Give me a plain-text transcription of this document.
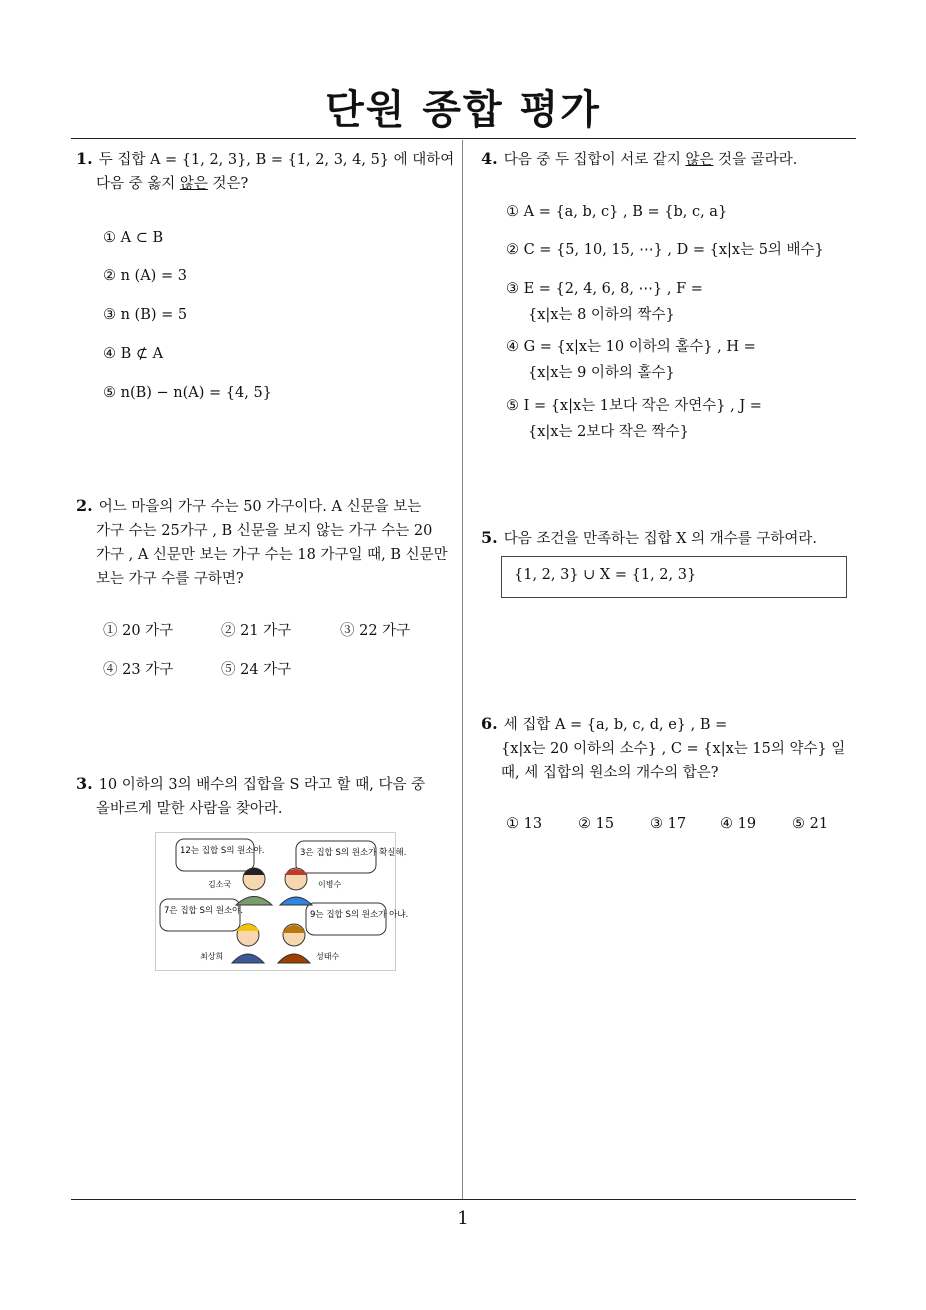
단원 종합 평가
1
1. 두 집합 A = {1, 2, 3}, B = {1, 2, 3, 4, 5} 에 대하여
다음 중 옳지 않은 것은?
① A ⊂ B
② n (A) = 3
③ n (B) = 5
④ B ⊄ A
⑤ n(B) − n(A) = {4, 5}
2. 어느 마을의 가구 수는 50 가구이다. A 신문을 보는
가구 수는 25가구 , B 신문을 보지 않는 가구 수는 20
가구 , A 신문만 보는 가구 수는 18 가구일 때, B 신문만
보는 가구 수를 구하면?
① 20 가구	② 21 가구	③ 22 가구
④ 23 가구	⑤ 24 가구
3. 10 이하의 3의 배수의 집합을 S 라고 할 때, 다음 중
올바르게 말한 사람을 찾아라.
12는 집합 S의 원소야.	3은 집합 S의 원소가 확실해.
7은 집합 S의 원소야.	9는 집합 S의 원소가 아냐.
김소국	이병수
최상희	성태수
4. 다음 중 두 집합이 서로 같지 않은 것을 골라라.
① A = {a, b, c} , B = {b, c, a}
② C = {5, 10, 15, ⋯} , D = {x|x는 5의 배수}
③ E = {2, 4, 6, 8, ⋯} , F =
{x|x는 8 이하의 짝수}
④ G = {x|x는 10 이하의 홀수} , H =
{x|x는 9 이하의 홀수}
⑤ I = {x|x는 1보다 작은 자연수} , J =
{x|x는 2보다 작은 짝수}
5. 다음 조건을 만족하는 집합 X 의 개수를 구하여라.
{1, 2, 3} ∪ X = {1, 2, 3}
6. 세 집합 A = {a, b, c, d, e} , B =
{x|x는 20 이하의 소수} , C = {x|x는 15의 약수} 일
때, 세 집합의 원소의 개수의 합은?
① 13 ② 15 ③ 17 ④ 19 ⑤ 21
